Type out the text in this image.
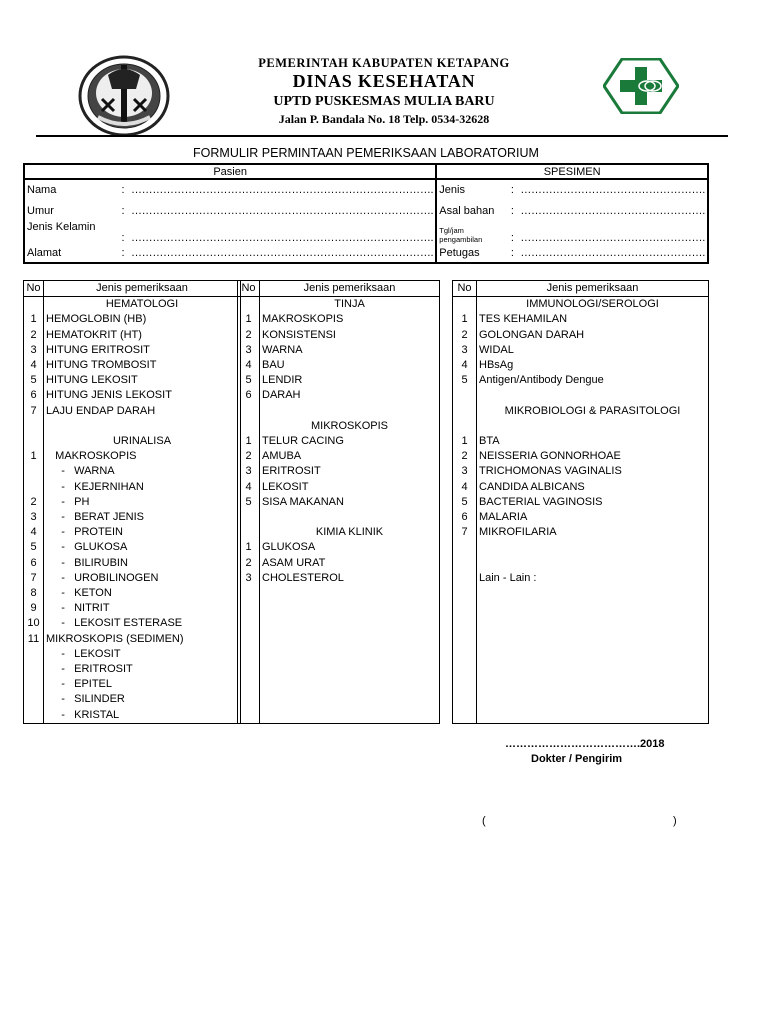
PEMERINTAH KABUPATEN KETAPANG
DINAS KESEHATAN
UPTD PUSKESMAS MULIA BARU
Jalan P. Bandala No. 18 Telp. 0534-32628
FORMULIR PERMINTAAN PEMERIKSAAN LABORATORIUM
Pasien			SPESIMEN		
Nama	:	………………………………………………………………………….	Jenis	:	…………………………………………….
Umur	:	………………………………………………………………………….	Asal bahan	:	…………………………………………….
Jenis Kelamin	:	………………………………………………………………………….	Tgl/jam pengambilan	:	…………………………………………….
Alamat	:	………………………………………………………………………….	Petugas	:	…………………………………………….
No	Jenis pemeriksaan
	HEMATOLOGI
1	HEMOGLOBIN (HB)
2	HEMATOKRIT (HT)
3	HITUNG ERITROSIT
4	HITUNG TROMBOSIT
5	HITUNG LEKOSIT
6	HITUNG JENIS LEKOSIT
7	LAJU ENDAP DARAH

	URINALISA
1	MAKROSKOPIS
	-   WARNA
	-   KEJERNIHAN
2	-   PH
3	-   BERAT JENIS
4	-   PROTEIN
5	-   GLUKOSA
6	-   BILIRUBIN
7	-   UROBILINOGEN
8	-   KETON
9	-   NITRIT
10	-   LEKOSIT ESTERASE
11	MIKROSKOPIS (SEDIMEN)
	-   LEKOSIT
	-   ERITROSIT
	-   EPITEL
	-   SILINDER
	-   KRISTAL
No	Jenis pemeriksaan
	TINJA
1	MAKROSKOPIS
2	KONSISTENSI
3	WARNA
4	BAU
5	LENDIR
6	DARAH

	MIKROSKOPIS
1	TELUR CACING
2	AMUBA
3	ERITROSIT
4	LEKOSIT
5	SISA MAKANAN

	KIMIA KLINIK
1	GLUKOSA
2	ASAM URAT
3	CHOLESTEROL

No	Jenis pemeriksaan
	IMMUNOLOGI/SEROLOGI
1	TES KEHAMILAN
2	GOLONGAN DARAH
3	WIDAL
4	HBsAg
5	Antigen/Antibody Dengue

	MIKROBIOLOGI & PARASITOLOGI

1	BTA
2	NEISSERIA GONNORHOAE
3	TRICHOMONAS VAGINALIS
4	CANDIDA ALBICANS
5	BACTERIAL VAGINOSIS
6	MALARIA
7	MIKROFILARIA

	Lain - Lain :

……………………………….2018
Dokter / Pengirim
(	)
